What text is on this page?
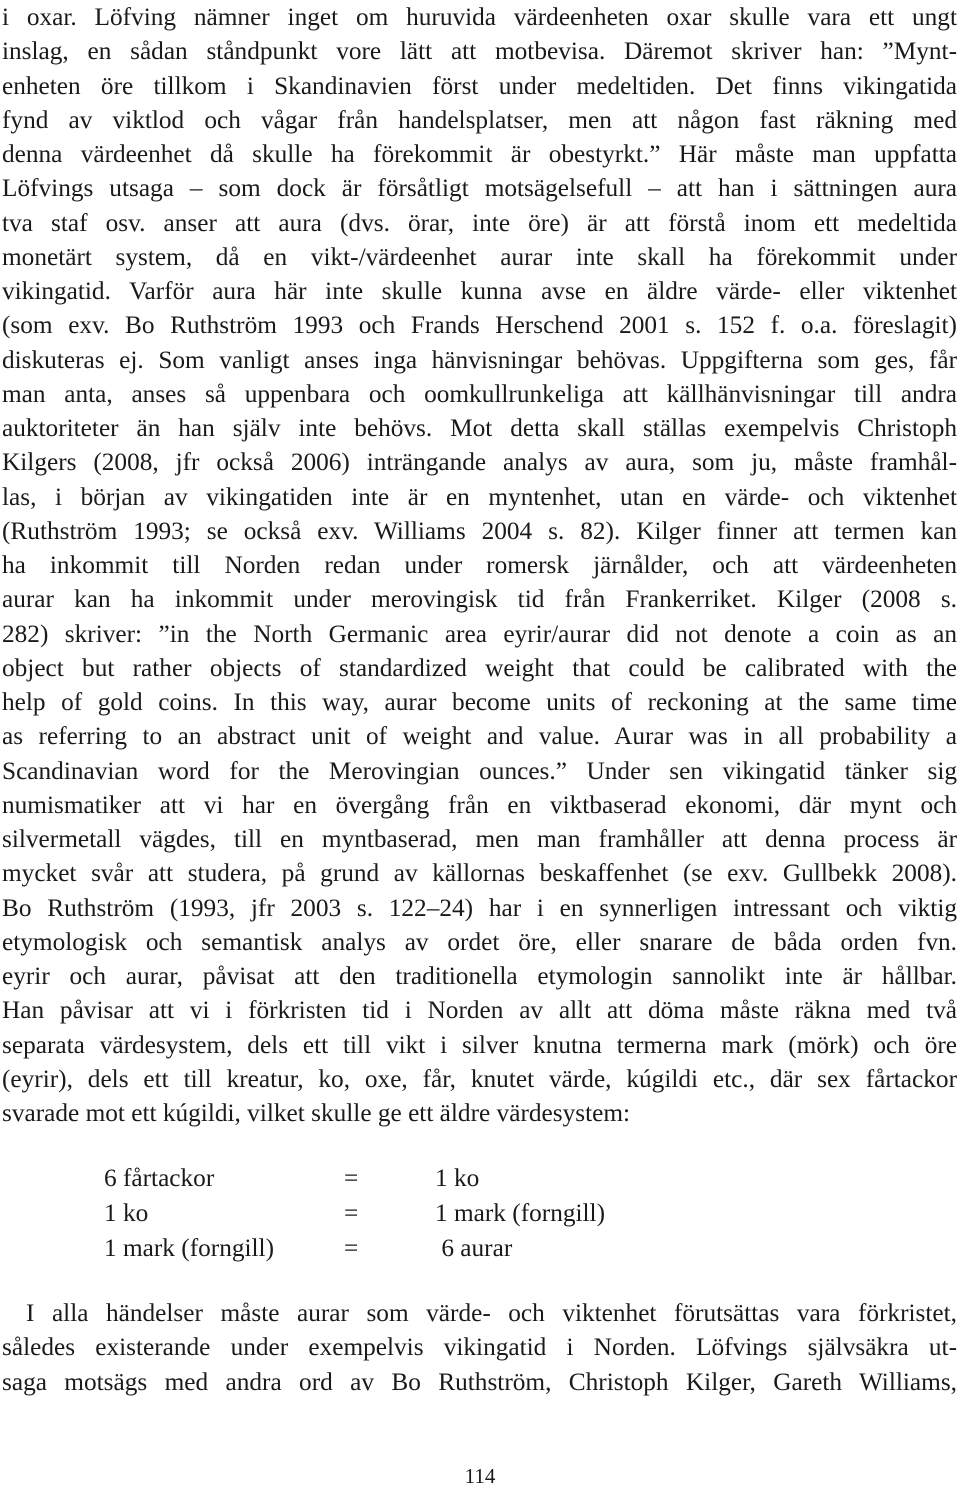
i oxar. Löfving nämner inget om huruvida värdeenheten oxar skulle vara ett ungt
inslag, en sådan ståndpunkt vore lätt att motbevisa. Däremot skriver han: ”Mynt-
enheten öre tillkom i Skandinavien först under medeltiden. Det finns vikingatida
fynd av viktlod och vågar från handelsplatser, men att någon fast räkning med
denna värdeenhet då skulle ha förekommit är obestyrkt.” Här måste man uppfatta
Löfvings utsaga – som dock är försåtligt motsägelsefull – att han i sättningen aura
tva staf osv. anser att aura (dvs. örar, inte öre) är att förstå inom ett medeltida
monetärt system, då en vikt-/värdeenhet aurar inte skall ha förekommit under
vikingatid. Varför aura här inte skulle kunna avse en äldre värde- eller viktenhet
(som exv. Bo Ruthström 1993 och Frands Herschend 2001 s. 152 f. o.a. föreslagit)
diskuteras ej. Som vanligt anses inga hänvisningar behövas. Uppgifterna som ges, får
man anta, anses så uppenbara och oomkullrunkeliga att källhänvisningar till andra
auktoriteter än han själv inte behövs. Mot detta skall ställas exempelvis Christoph
Kilgers (2008, jfr också 2006) inträngande analys av aura, som ju, måste framhål-
las, i början av vikingatiden inte är en myntenhet, utan en värde- och viktenhet
(Ruthström 1993; se också exv. Williams 2004 s. 82). Kilger finner att termen kan
ha inkommit till Norden redan under romersk järnålder, och att värdeenheten
aurar kan ha inkommit under merovingisk tid från Frankerriket. Kilger (2008 s.
282) skriver: ”in the North Germanic area eyrir/aurar did not denote a coin as an
object but rather objects of standardized weight that could be calibrated with the
help of gold coins. In this way, aurar become units of reckoning at the same time
as referring to an abstract unit of weight and value. Aurar was in all probability a
Scandinavian word for the Merovingian ounces.” Under sen vikingatid tänker sig
numismatiker att vi har en övergång från en viktbaserad ekonomi, där mynt och
silvermetall vägdes, till en myntbaserad, men man framhåller att denna process är
mycket svår att studera, på grund av källornas beskaffenhet (se exv. Gullbekk 2008).
Bo Ruthström (1993, jfr 2003 s. 122–24) har i en synnerligen intressant och viktig
etymologisk och semantisk analys av ordet öre, eller snarare de båda orden fvn.
eyrir och aurar, påvisat att den traditionella etymologin sannolikt inte är hållbar.
Han påvisar att vi i förkristen tid i Norden av allt att döma måste räkna med två
separata värdesystem, dels ett till vikt i silver knutna termerna mark (mörk) och öre
(eyrir), dels ett till kreatur, ko, oxe, får, knutet värde, kúgildi etc., där sex fårtackor
svarade mot ett kúgildi, vilket skulle ge ett äldre värdesystem:
6 fårtackor	=	1 ko
1 ko	=	1 mark (forngill)
1 mark (forngill)	=	6 aurar
I alla händelser måste aurar som värde- och viktenhet förutsättas vara förkristet,
således existerande under exempelvis vikingatid i Norden. Löfvings självsäkra ut-
saga motsägs med andra ord av Bo Ruthström, Christoph Kilger, Gareth Williams,
114
